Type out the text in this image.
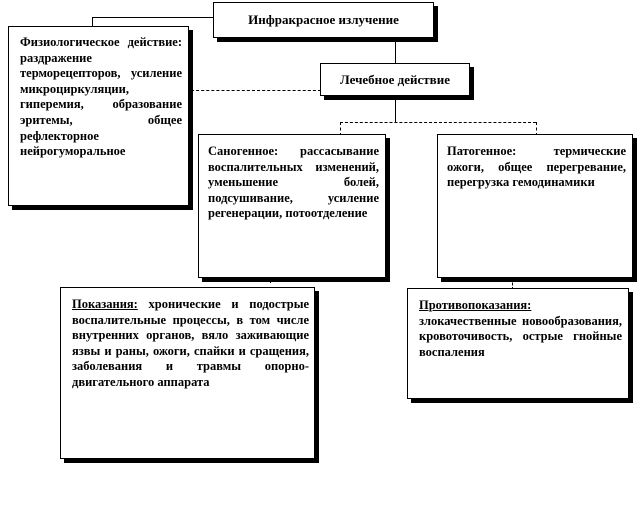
Инфракрасное излучение
Физиологическое действие: раздражение терморецепторов, усиление микроциркуляции, гиперемия, образование эритемы, общее рефлекторное нейрогуморальное
Лечебное действие
Саногенное: рассасывание воспалительных изменений, уменьшение болей, подсушивание, усиление регенерации, потоотделение
Патогенное: термические ожоги, общее перегревание, перегрузка гемодинамики
Показания: хронические и подострые воспалительные процессы, в том числе внутренних органов, вяло заживающие язвы и раны, ожоги, спайки и сращения, заболевания и травмы опорно-двигательного аппарата
Противопоказания: злокачественные новообразования, кровоточивость, острые гнойные воспаления
